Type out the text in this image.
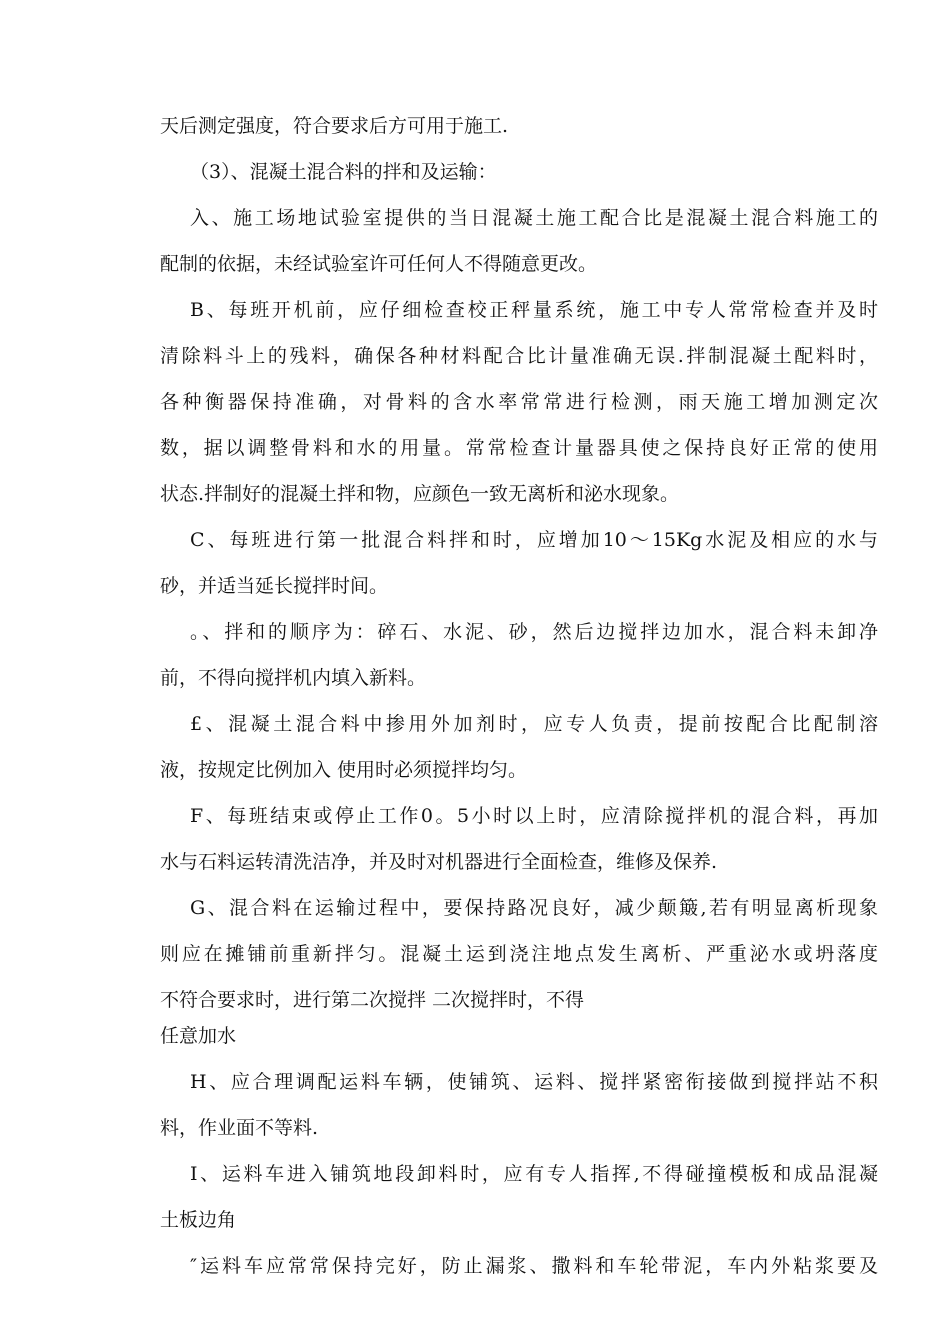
天后测定强度，符合要求后方可用于施工.
（3）、混凝土混合料的拌和及运输：
入、施工场地试验室提供的当日混凝土施工配合比是混凝土混合料施工的
配制的依据，未经试验室许可任何人不得随意更改。
B、每班开机前，应仔细检查校正秤量系统，施工中专人常常检查并及时
清除料斗上的残料，确保各种材料配合比计量准确无误.拌制混凝土配料时，
各种衡器保持准确，对骨料的含水率常常进行检测，雨天施工增加测定次
数，据以调整骨料和水的用量。常常检查计量器具使之保持良好正常的使用
状态.拌制好的混凝土拌和物，应颜色一致无离析和泌水现象。
C、每班进行第一批混合料拌和时，应增加10〜15Kg水泥及相应的水与
砂，并适当延长搅拌时间。
。、拌和的顺序为：碎石、水泥、砂，然后边搅拌边加水，混合料未卸净
前，不得向搅拌机内填入新料。
£、混凝土混合料中掺用外加剂时，应专人负责，提前按配合比配制溶
液，按规定比例加入 使用时必须搅拌均匀。
F、每班结束或停止工作0。5小时以上时，应清除搅拌机的混合料，再加
水与石料运转清洗洁净，并及时对机器进行全面检查，维修及保养.
G、混合料在运输过程中，要保持路况良好，减少颠簸,若有明显离析现象
则应在摊铺前重新拌匀。混凝土运到浇注地点发生离析、严重泌水或坍落度
不符合要求时，进行第二次搅拌 二次搅拌时，不得
任意加水
H、应合理调配运料车辆，使铺筑、运料、搅拌紧密衔接做到搅拌站不积
料，作业面不等料.
I、运料车进入铺筑地段卸料时，应有专人指挥,不得碰撞模板和成品混凝
土板边角
″运料车应常常保持完好，防止漏浆、撒料和车轮带泥，车内外粘浆要及
